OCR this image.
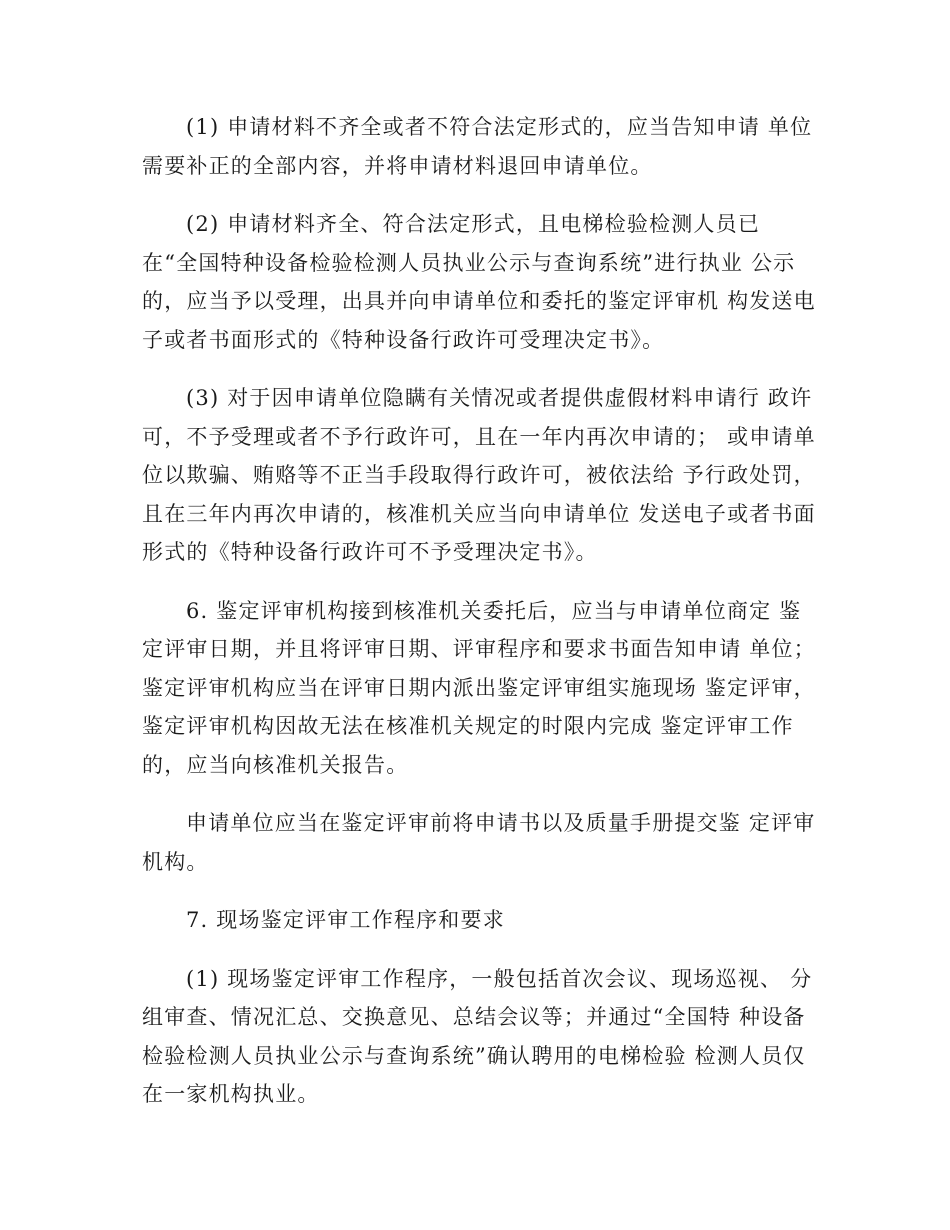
(1) 申请材料不齐全或者不符合法定形式的，应当告知申请 单位
需要补正的全部内容，并将申请材料退回申请单位。
(2) 申请材料齐全、符合法定形式，且电梯检验检测人员已
在“全国特种设备检验检测人员执业公示与查询系统”进行执业 公示
的，应当予以受理，出具并向申请单位和委托的鉴定评审机 构发送电
子或者书面形式的《特种设备行政许可受理决定书》。
(3) 对于因申请单位隐瞒有关情况或者提供虚假材料申请行 政许
可，不予受理或者不予行政许可，且在一年内再次申请的； 或申请单
位以欺骗、贿赂等不正当手段取得行政许可，被依法给 予行政处罚，
且在三年内再次申请的，核准机关应当向申请单位 发送电子或者书面
形式的《特种设备行政许可不予受理决定书》。
6. 鉴定评审机构接到核准机关委托后，应当与申请单位商定 鉴
定评审日期，并且将评审日期、评审程序和要求书面告知申请 单位；
鉴定评审机构应当在评审日期内派出鉴定评审组实施现场 鉴定评审，
鉴定评审机构因故无法在核准机关规定的时限内完成 鉴定评审工作
的，应当向核准机关报告。
申请单位应当在鉴定评审前将申请书以及质量手册提交鉴 定评审
机构。
7. 现场鉴定评审工作程序和要求
(1) 现场鉴定评审工作程序，一般包括首次会议、现场巡视、 分
组审查、情况汇总、交换意见、总结会议等；并通过“全国特 种设备
检验检测人员执业公示与查询系统”确认聘用的电梯检验 检测人员仅
在一家机构执业。
